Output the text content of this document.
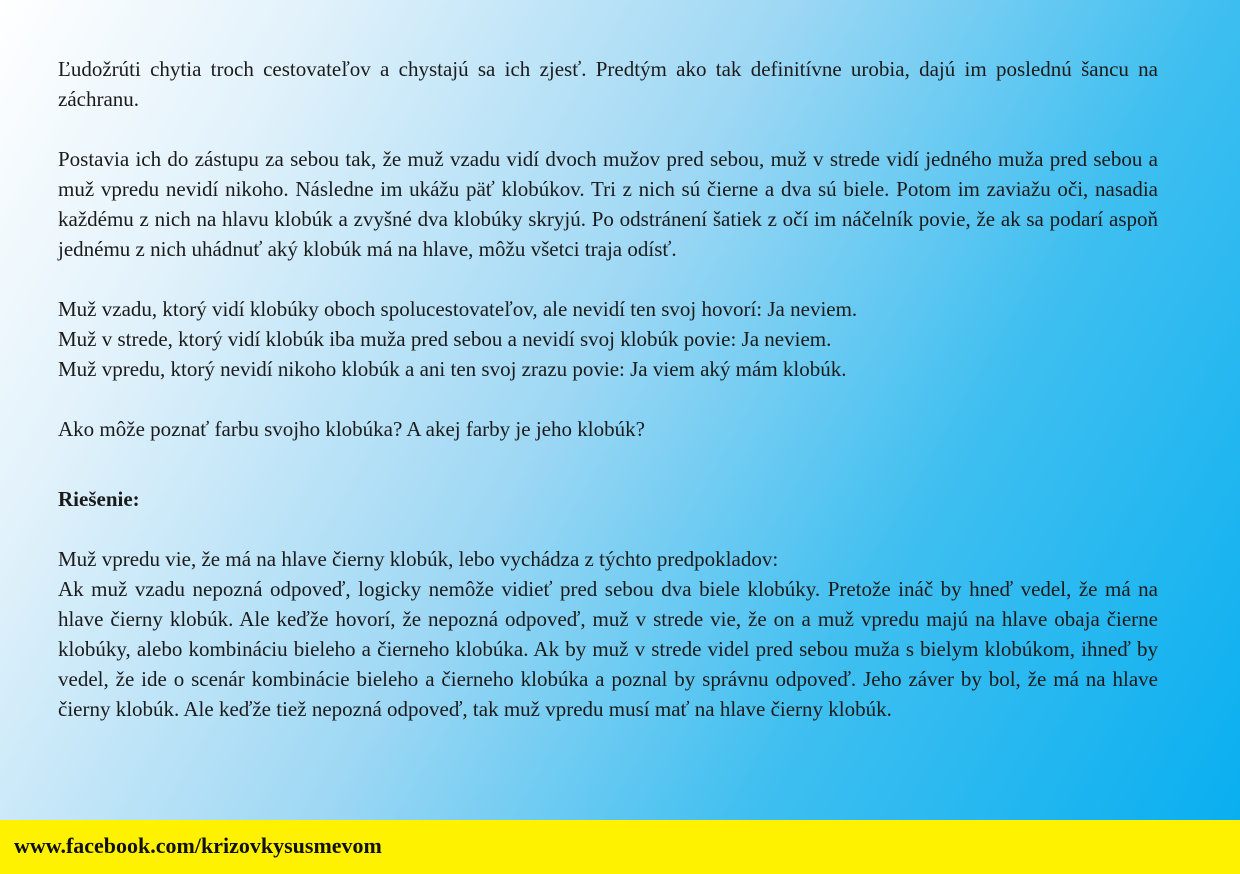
Ľudožrúti chytia troch cestovateľov a chystajú sa ich zjesť. Predtým ako tak definitívne urobia, dajú im poslednú šancu na záchranu.

Postavia ich do zástupu za sebou tak, že muž vzadu vidí dvoch mužov pred sebou, muž v strede vidí jedného muža pred sebou a muž vpredu nevidí nikoho. Následne im ukážu päť klobúkov. Tri z nich sú čierne a dva sú biele. Potom im zaviažu oči, nasadia každému z nich na hlavu klobúk a zvyšné dva klobúky skryjú. Po odstránení šatiek z očí im náčelník povie, že ak sa podarí aspoň jednému z nich uhádnuť aký klobúk má na hlave, môžu všetci traja odísť.

Muž vzadu, ktorý vidí klobúky oboch spolucestovateľov, ale nevidí ten svoj hovorí: Ja neviem.

Muž v strede, ktorý vidí klobúk iba muža pred sebou a nevidí svoj klobúk povie: Ja neviem.

Muž vpredu, ktorý nevidí nikoho klobúk a ani ten svoj zrazu povie: Ja viem aký mám klobúk.

Ako môže poznať farbu svojho klobúka? A akej farby je jeho klobúk?

Riešenie:

Muž vpredu vie, že má na hlave čierny klobúk, lebo vychádza z týchto predpokladov:

Ak muž vzadu nepozná odpoveď, logicky nemôže vidieť pred sebou dva biele klobúky. Pretože ináč by hneď vedel, že má na hlave čierny klobúk. Ale keďže hovorí, že nepozná odpoveď, muž v strede vie, že on a muž vpredu majú na hlave obaja čierne klobúky, alebo kombináciu bieleho a čierneho klobúka. Ak by muž v strede videl pred sebou muža s bielym klobúkom, ihneď by vedel, že ide o scenár kombinácie bieleho a čierneho klobúka a poznal by správnu odpoveď. Jeho záver by bol, že má na hlave čierny klobúk. Ale keďže tiež nepozná odpoveď, tak muž vpredu musí mať na hlave čierny klobúk.

www.facebook.com/krizovkysusmevom
